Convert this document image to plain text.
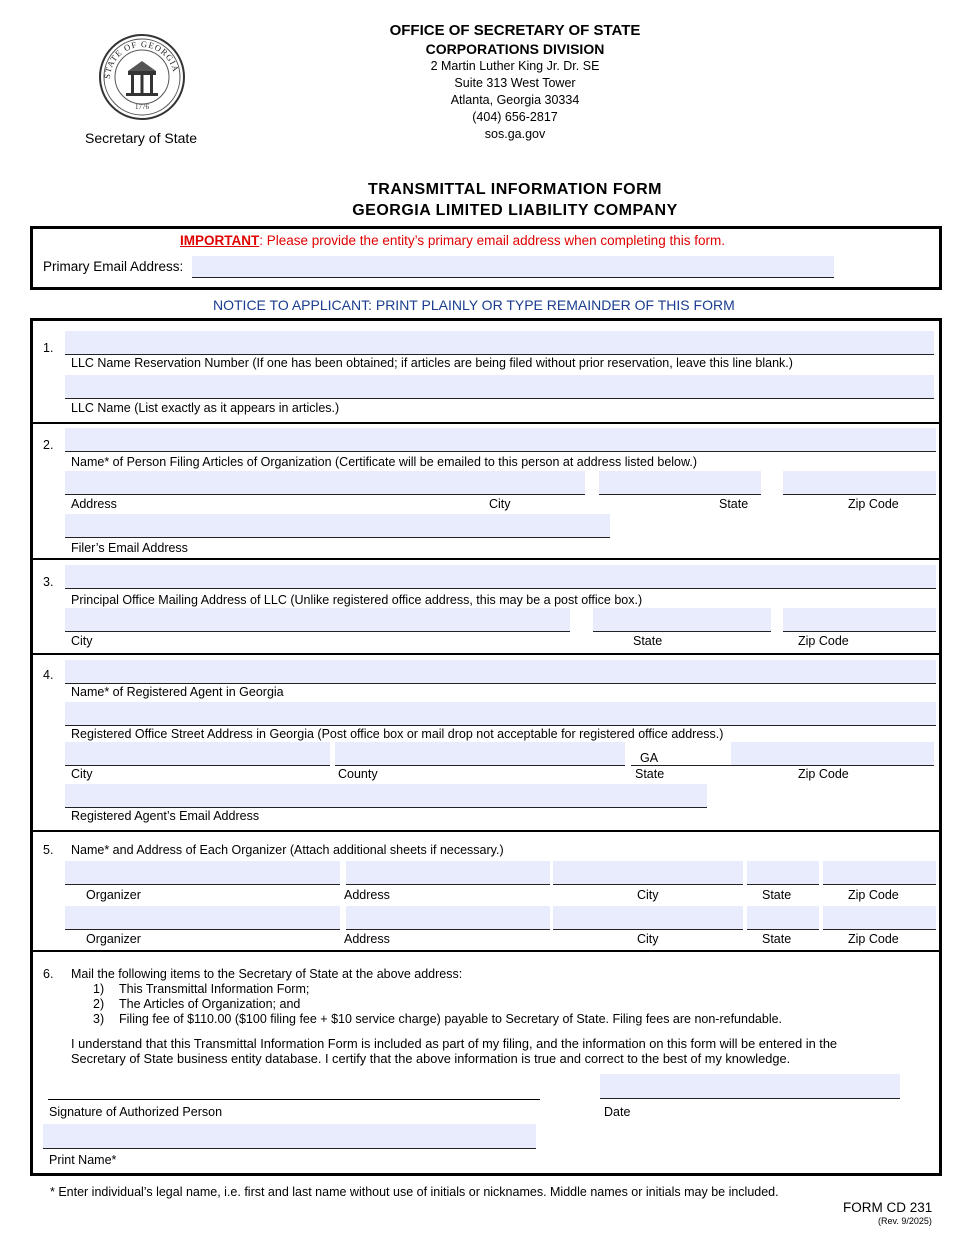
STATE OF GEORGIA
1776
Secretary of State
OFFICE OF SECRETARY OF STATE
CORPORATIONS DIVISION
2 Martin Luther King Jr. Dr. SE
Suite 313 West Tower
Atlanta, Georgia 30334
(404) 656-2817
sos.ga.gov
TRANSMITTAL INFORMATION FORM
GEORGIA LIMITED LIABILITY COMPANY
IMPORTANT: Please provide the entity’s primary email address when completing this form.
Primary Email Address:
NOTICE TO APPLICANT: PRINT PLAINLY OR TYPE REMAINDER OF THIS FORM
1.
LLC Name Reservation Number (If one has been obtained; if articles are being filed without prior reservation, leave this line blank.)
LLC Name (List exactly as it appears in articles.)
2.
Name* of Person Filing Articles of Organization (Certificate will be emailed to this person at address listed below.)
Address	City	State	Zip Code
Filer’s Email Address
3.
Principal Office Mailing Address of LLC (Unlike registered office address, this may be a post office box.)
City	State	Zip Code
4.
Name* of Registered Agent in Georgia
Registered Office Street Address in Georgia (Post office box or mail drop not acceptable for registered office address.)
GA
City	County	State	Zip Code
Registered Agent’s Email Address
5. Name* and Address of Each Organizer (Attach additional sheets if necessary.)
Organizer	Address	City	State	Zip Code
Organizer	Address	City	State	Zip Code
6. Mail the following items to the Secretary of State at the above address:
1) This Transmittal Information Form;
2) The Articles of Organization; and
3) Filing fee of $110.00 ($100 filing fee + $10 service charge) payable to Secretary of State. Filing fees are non-refundable.
I understand that this Transmittal Information Form is included as part of my filing, and the information on this form will be entered in the
Secretary of State business entity database. I certify that the above information is true and correct to the best of my knowledge.
Signature of Authorized Person	Date
Print Name*
* Enter individual’s legal name, i.e. first and last name without use of initials or nicknames. Middle names or initials may be included.
FORM CD 231
(Rev. 9/2025)
